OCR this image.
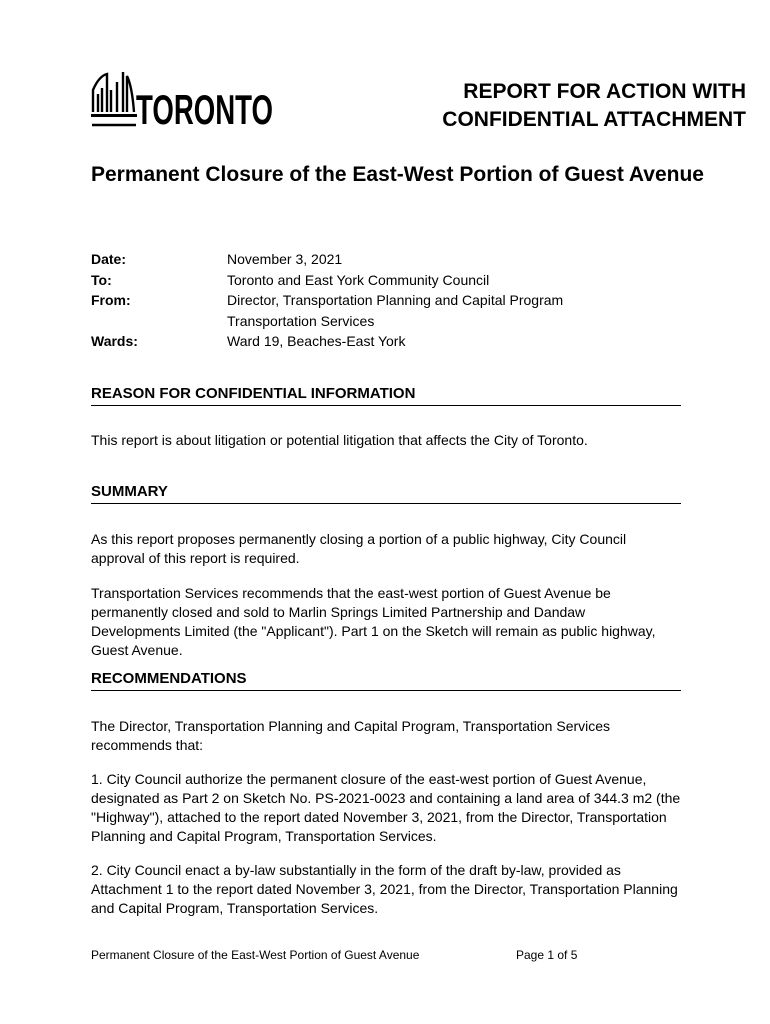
TORONTO	REPORT FOR ACTION WITH
CONFIDENTIAL ATTACHMENT
Permanent Closure of the East-West Portion of Guest Avenue
Date:	November 3, 2021
To:	Toronto and East York Community Council
From:	Director, Transportation Planning and Capital Program
Transportation Services
Wards:	Ward 19, Beaches-East York
REASON FOR CONFIDENTIAL INFORMATION
This report is about litigation or potential litigation that affects the City of Toronto.
SUMMARY
As this report proposes permanently closing a portion of a public highway, City Council approval of this report is required.
Transportation Services recommends that the east-west portion of Guest Avenue be permanently closed and sold to Marlin Springs Limited Partnership and Dandaw Developments Limited (the "Applicant"). Part 1 on the Sketch will remain as public highway, Guest Avenue.
RECOMMENDATIONS
The Director, Transportation Planning and Capital Program, Transportation Services recommends that:
1. City Council authorize the permanent closure of the east-west portion of Guest Avenue, designated as Part 2 on Sketch No. PS-2021-0023 and containing a land area of 344.3 m2 (the "Highway"), attached to the report dated November 3, 2021, from the Director, Transportation Planning and Capital Program, Transportation Services.
2. City Council enact a by-law substantially in the form of the draft by-law, provided as Attachment 1 to the report dated November 3, 2021, from the Director, Transportation Planning and Capital Program, Transportation Services.
Permanent Closure of the East-West Portion of Guest Avenue	Page 1 of 5
